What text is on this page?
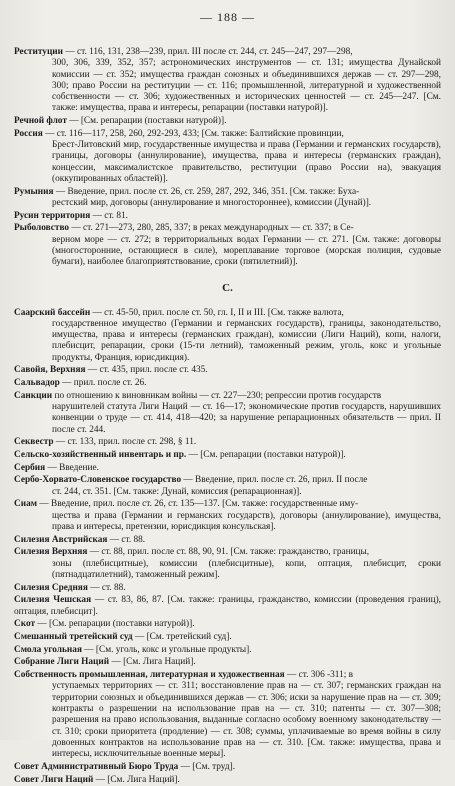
— 188 —
Реституции — ст. 116, 131, 238—239, прил. III после ст. 244, ст. 245—247, 297—298,
300, 306, 339, 352, 357; астрономических инструментов — ст. 131; имущества Дунайской комиссии — ст. 352; имущества граждан союзных и объединившихся держав — ст. 297—298, 300; право России на реституции — ст. 116; промышленной, литературной и художественной собственности — ст. 306; художественных и исторических ценностей — ст. 245—247. [См. также: имущества, права и интересы, репарации (поставки натурой)].
Речной флот — [См. репарации (поставки натурой)].
Россия — ст. 116—117, 258, 260, 292-293, 433; [См. также: Балтийские провинции,
Брест-Литовский мир, государственные имущества и права (Германии и германских государств), границы, договоры (аннулирование), имущества, права и интересы (германских граждан), концессии, максималистское правительство, реституции (право России на), эвакуация (оккупированных областей)].
Румыния — Введение, прил. после ст. 26, ст. 259, 287, 292, 346, 351. [См. также: Буха-
рестский мир, договоры (аннулирование и многостороннее), комиссии (Дунай)].
Русин территория — ст. 81.
Рыболовство — ст. 271—273, 280, 285, 337; в реках международных — ст. 337; в Се-
верном море — ст. 272; в территориальных водах Германии — ст. 271. [См. также: договоры (многосторонние, остающиеся в силе), мореплавание торговое (морская полиция, судовые бумаги), наиболее благоприятствование, сроки (пятилетний)].
С.
Саарский бассейн — ст. 45-50, прил. после ст. 50, гл. I, II и III. [См. также валюта,
государственное имущество (Германии и германских государств), границы, законодательство, имущества, права и интересы (германских граждан), комиссии (Лиги Наций), копи, налоги, плебисцит, репарации, сроки (15-ти летний), таможенный режим, уголь, кокс и угольные продукты, Франция, юрисдикция).
Савойя, Верхняя — ст. 435, прил. после ст. 435.
Сальвадор — прил. после ст. 26.
Санкции по отношению к виновникам войны — ст. 227—230; репрессии против государств
нарушителей статута Лиги Наций — ст. 16—17; экономические против государств, нарушивших конвенции о труде — ст. 414, 418—420; за нарушение репарационных обязательств — прил. II после ст. 244.
Секвестр — ст. 133, прил. после ст. 298, § 11.
Сельско-хозяйственный инвентарь и пр. — [См. репарации (поставки натурой)].
Сербия — Введение.
Сербо-Хорвато-Словенское государство — Введение, прил. после ст. 26, прил. II после
ст. 244, ст. 351. [См. также: Дунай, комиссия (репарационная)].
Сиам — Введение, прил. после ст. 26, ст. 135—137. [См. также: государственные иму-
щества и права (Германии и германских государств), договоры (аннулирование), имущества, права и интересы, претензии, юрисдикция консульская].
Силезия Австрийская — ст. 88.
Силезия Верхняя — ст. 88, прил. после ст. 88, 90, 91. [См. также: гражданство, границы,
зоны (плебисцитные), комиссии (плебисцитные), копи, оптация, плебисцит, сроки (пятнадцатилетний), таможенный режим].
Силезия Средняя — ст. 88.
Силезия Чешская — ст. 83, 86, 87. [См. также: границы, гражданство, комиссии (проведения границ), оптация, плебисцит].
Скот — [См. репарации (поставки натурой)].
Смешанный третейский суд — [См. третейский суд].
Смола угольная — [См. уголь, кокс и угольные продукты].
Собрание Лиги Наций — [См. Лига Наций].
Собственность промышленная, литературная и художественная — ст. 306 -311; в
уступаемых территориях — ст. 311; восстановление прав на — ст. 307; германских граждан на территории союзных и объединившихся держав — ст. 306; иски за нарушение прав на — ст. 309; контракты о разрешении на использование прав на — ст. 310; патенты — ст. 307—308; разрешения на право использования, выданные согласно особому военному законодательству — ст. 310; сроки приоритета (продление) — ст. 308; суммы, уплачиваемые во время войны в силу довоенных контрактов на использование прав на — ст. 310. [См. также: имущества, права и интересы, исключительные военные меры].
Совет Административный Бюро Труда — [См. труд].
Совет Лиги Наций — [См. Лига Наций].
